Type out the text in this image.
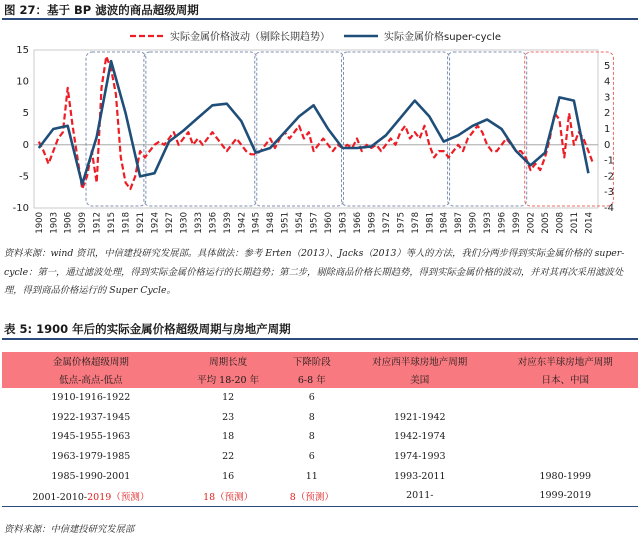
图 27：基于 BP 滤波的商品超级周期
-10
-5
0
5
10
15
-4
-3
-2
-1
0
1
2
3
4
5
1900 1903 1906 1909 1912 1915 1918 1921 1924 1927 1930 1933 1936 1939 1942 1945 1948 1951 1954 1957 1960 1963 1966 1969 1972 1975 1978 1981 1984 1987 1990 1993 1996 1999 2002 2005 2008 2011 2014
实际金属价格波动（剔除长期趋势）	实际金属价格super-cycle
资料来源：wind 资讯，中信建投研究发展部。具体做法：参考 Erten（2013）、Jacks（2013）等人的方法，我们分两步得到实际金属价格的 super-cycle：第一，通过滤波处理，得到实际金属价格运行的长期趋势；第二步，剔除商品价格长期趋势，得到实际金属价格的波动，并对其再次采用滤波处理，得到商品价格运行的 Super Cycle。
表 5: 1900 年后的实际金属价格超级周期与房地产周期
金属价格超级周期	周期长度	下降阶段	对应西半球房地产周期	对应东半球房地产周期
低点-高点-低点	平均 18-20 年	6-8 年	美国	日本、中国
1910-1916-1922	12	6		
1922-1937-1945	23	8	1921-1942	
1945-1955-1963	18	8	1942-1974	
1963-1979-1985	22	6	1974-1993	
1985-1990-2001	16	11	1993-2011	1980-1999
2001-2010-2019（预测）	18（预测）	8（预测）	2011-	1999-2019
资料来源：中信建投研究发展部
